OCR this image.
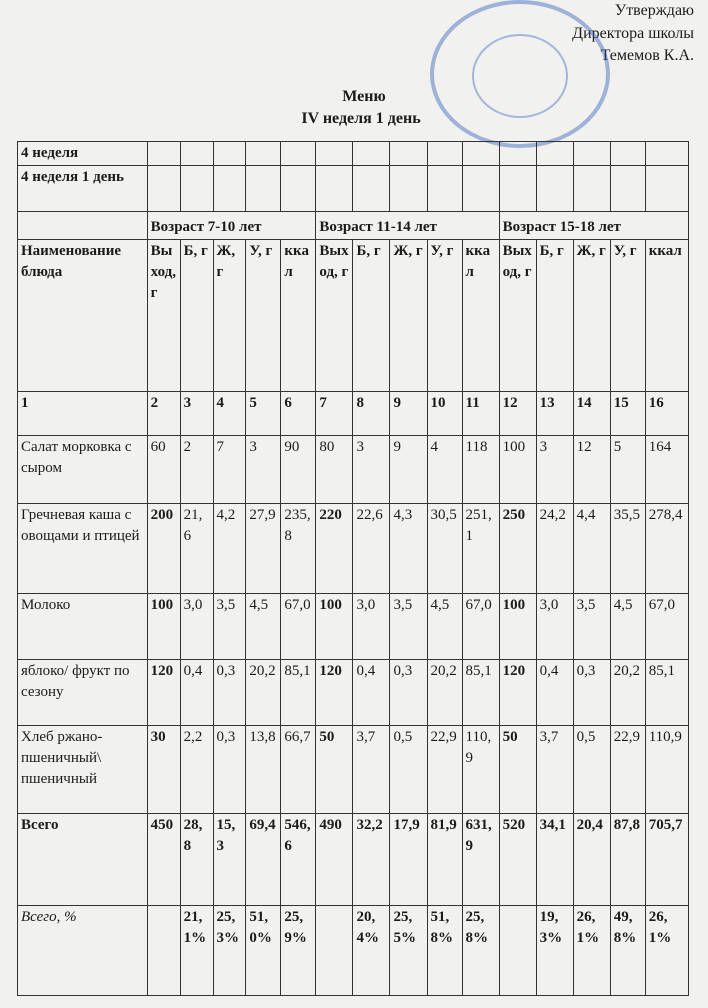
Утверждаю
Директора школы
Темемов К.А.
Меню
IV неделя 1 день
4 неделя															
4 неделя 1 день															
	Возраст 7-10 лет					Возраст 11-14 лет					Возраст 15-18 лет				
Наименование блюда	Выход, г	Б, г	Ж, г	У, г	ккал	Выход, г	Б, г	Ж, г	У, г	ккал	Выход, г	Б, г	Ж, г	У, г	ккал
1	2	3	4	5	6	7	8	9	10	11	12	13	14	15	16
Салат морковка с сыром	60	2	7	3	90	80	3	9	4	118	100	3	12	5	164
Гречневая каша с овощами и птицей	200	21,6	4,2	27,9	235,8	220	22,6	4,3	30,5	251,1	250	24,2	4,4	35,5	278,4
Молоко	100	3,0	3,5	4,5	67,0	100	3,0	3,5	4,5	67,0	100	3,0	3,5	4,5	67,0
яблоко/ фрукт по сезону	120	0,4	0,3	20,2	85,1	120	0,4	0,3	20,2	85,1	120	0,4	0,3	20,2	85,1
Хлеб ржано-пшеничный\ пшеничный	30	2,2	0,3	13,8	66,7	50	3,7	0,5	22,9	110,9	50	3,7	0,5	22,9	110,9
Всего	450	28,8	15,3	69,4	546,6	490	32,2	17,9	81,9	631,9	520	34,1	20,4	87,8	705,7
Всего, %		21,1%	25,3%	51,0%	25,9%		20,4%	25,5%	51,8%	25,8%		19,3%	26,1%	49,8%	26,1%
